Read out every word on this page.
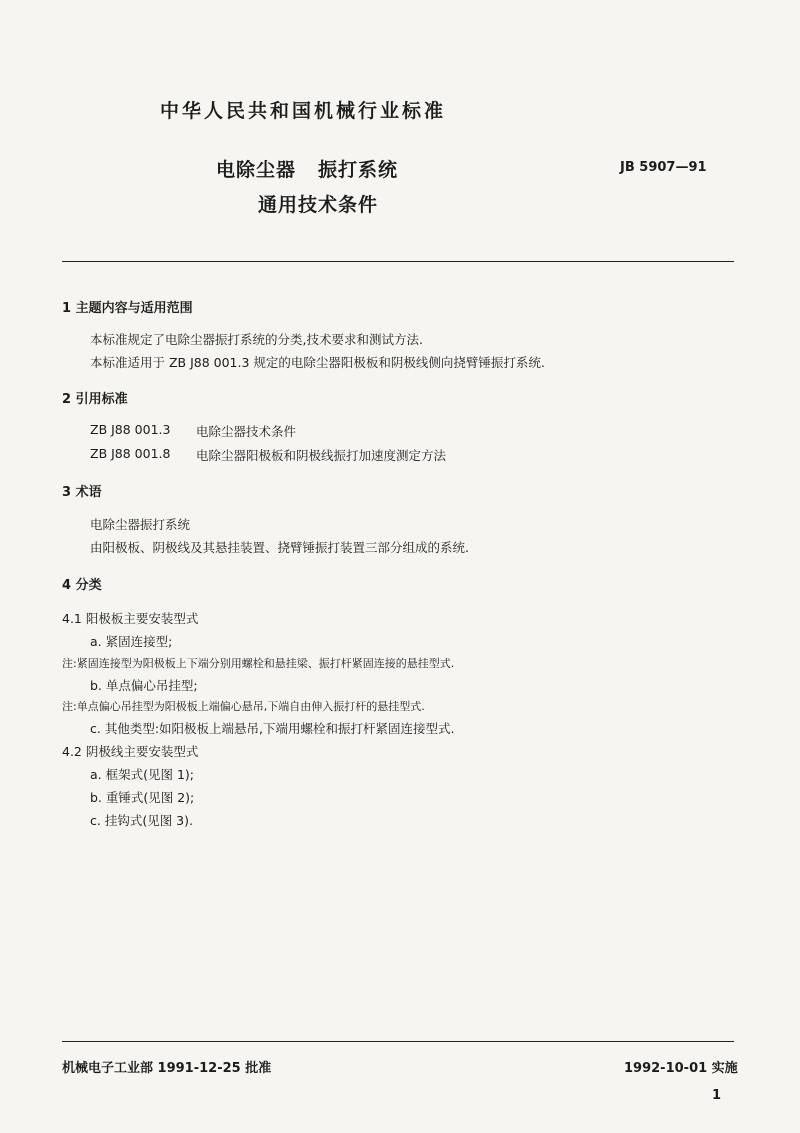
中华人民共和国机械行业标准
电除尘器 振打系统
通用技术条件
JB 5907—91
1 主题内容与适用范围
本标准规定了电除尘器振打系统的分类,技术要求和测试方法.
本标准适用于 ZB J88 001.3 规定的电除尘器阳极板和阴极线侧向挠臂锤振打系统.
2 引用标准
ZB J88 001.3 电除尘器技术条件
ZB J88 001.8 电除尘器阳极板和阴极线振打加速度测定方法
3 术语
电除尘器振打系统
由阳极板、阴极线及其悬挂装置、挠臂锤振打装置三部分组成的系统.
4 分类
4.1 阳极板主要安装型式
a. 紧固连接型;
注:紧固连接型为阳极板上下端分别用螺栓和悬挂梁、振打杆紧固连接的悬挂型式.
b. 单点偏心吊挂型;
注:单点偏心吊挂型为阳极板上端偏心悬吊,下端自由伸入振打杆的悬挂型式.
c. 其他类型:如阳极板上端悬吊,下端用螺栓和振打杆紧固连接型式.
4.2 阴极线主要安装型式
a. 框架式(见图 1);
b. 重锤式(见图 2);
c. 挂钩式(见图 3).
机械电子工业部 1991-12-25 批准	1992-10-01 实施
1
